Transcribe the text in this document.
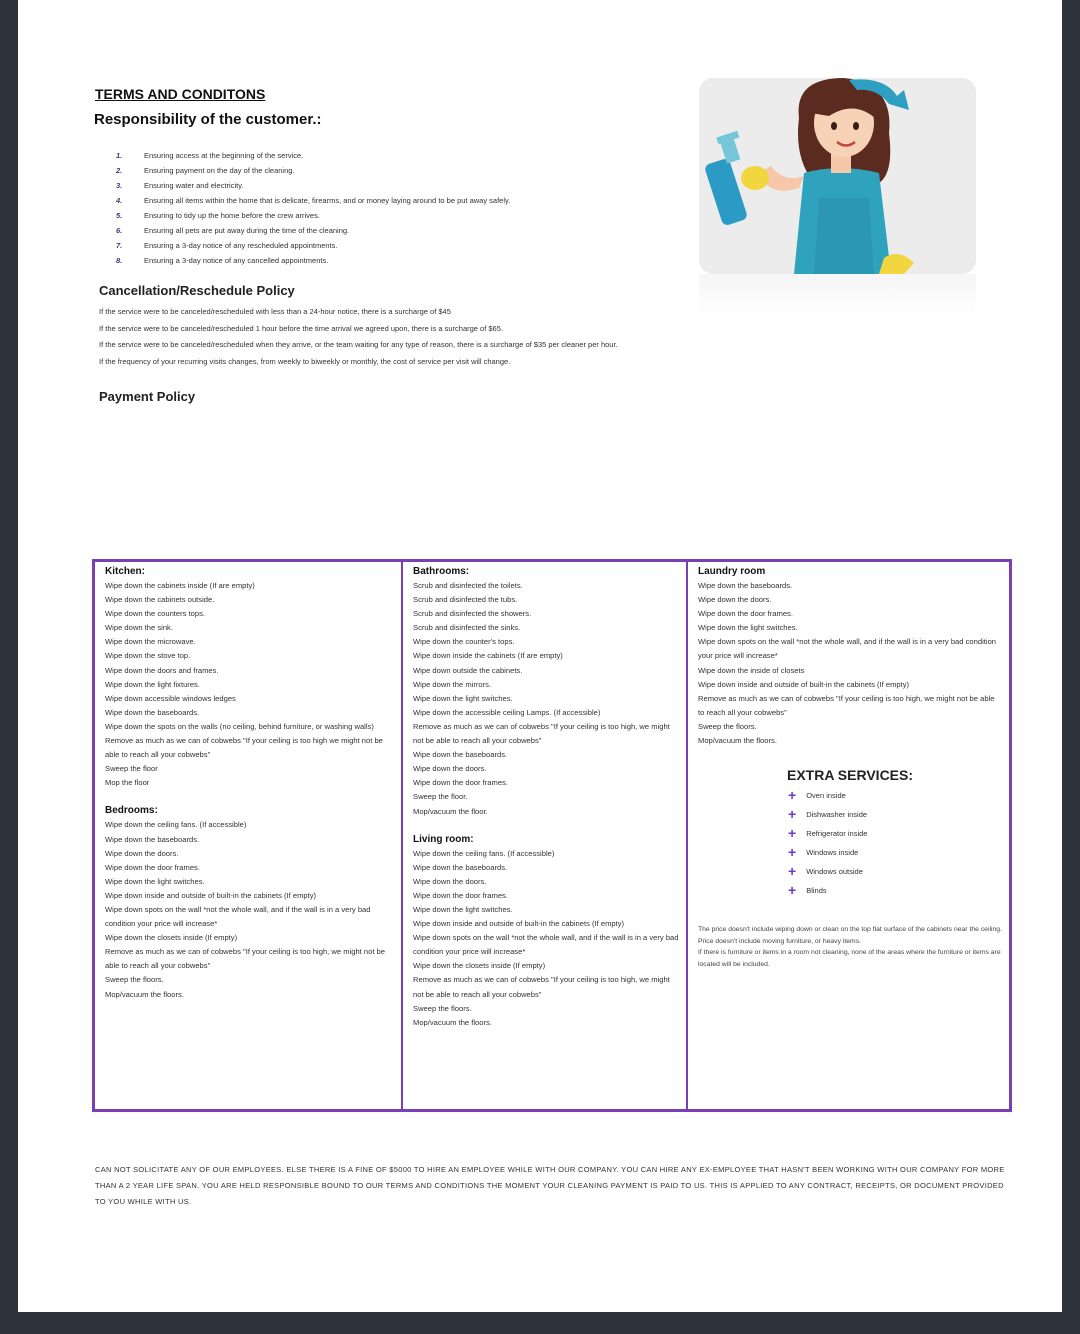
TERMS AND CONDITONS
Responsibility of the customer.:
1.	Ensuring access at the beginning of the service.
2.	Ensuring payment on the day of the cleaning.
3.	Ensuring water and electricity.
4.	Ensuring all items within the home that is delicate, firearms, and or money laying around to be put away safely.
5.	Ensuring to tidy up the home before the crew arrives.
6.	Ensuring all pets are put away during the time of the cleaning.
7.	Ensuring a 3-day notice of any rescheduled appointments.
8.	Ensuring a 3-day notice of any cancelled appointments.
Cancellation/Reschedule Policy

If the service were to be canceled/rescheduled with less than a 24-hour notice, there is a surcharge of $45

If the service were to be canceled/rescheduled 1 hour before the time arrival we agreed upon, there is a surcharge of $65.

If the service were to be canceled/rescheduled when they arrive, or the team waiting for any type of reason, there is a surcharge of $35 per cleaner per hour.

If the frequency of your recurring visits changes, from weekly to biweekly or monthly, the cost of service per visit will change.

Payment Policy
Kitchen:
Wipe down the cabinets inside (If are empty)
Wipe down the cabinets outside.
Wipe down the counters tops.
Wipe down the sink.
Wipe down the microwave.
Wipe down the stove top.
Wipe down the doors and frames.
Wipe down the light fixtures.
Wipe down accessible windows ledges
Wipe down the baseboards.
Wipe down the spots on the walls (no ceiling, behind furniture, or washing walls)
Remove as much as we can of cobwebs "If your ceiling is too high we might not be able to reach all your cobwebs"
Sweep the floor
Mop the floor
Bedrooms:
Wipe down the ceiling fans. (If accessible)
Wipe down the baseboards.
Wipe down the doors.
Wipe down the door frames.
Wipe down the light switches.
Wipe down inside and outside of built-in the cabinets (If empty)
Wipe down spots on the wall *not the whole wall, and if the wall is in a very bad condition your price will increase*
Wipe down the closets inside (If empty)
Remove as much as we can of cobwebs "If your ceiling is too high, we might not be able to reach all your cobwebs"
Sweep the floors.
Mop/vacuum the floors.
Bathrooms:
Scrub and disinfected the toilets.
Scrub and disinfected the tubs.
Scrub and disinfected the showers.
Scrub and disinfected the sinks.
Wipe down the counter's tops.
Wipe down inside the cabinets (If are empty)
Wipe down outside the cabinets.
Wipe down the mirrors.
Wipe down the light switches.
Wipe down the accessible ceiling Lamps. (If accessible)
Remove as much as we can of cobwebs "If your ceiling is too high, we might not be able to reach all your cobwebs"
Wipe down the baseboards.
Wipe down the doors.
Wipe down the door frames.
Sweep the floor.
Mop/vacuum the floor.
Living room:
Wipe down the ceiling fans. (If accessible)
Wipe down the baseboards.
Wipe down the doors.
Wipe down the door frames.
Wipe down the light switches.
Wipe down inside and outside of built-in the cabinets (If empty)
Wipe down spots on the wall *not the whole wall, and if the wall is in a very bad condition your price will increase*
Wipe down the closets inside (If empty)
Remove as much as we can of cobwebs "If your ceiling is too high, we might not be able to reach all your cobwebs"
Sweep the floors.
Mop/vacuum the floors.
Laundry room
Wipe down the baseboards.
Wipe down the doors.
Wipe down the door frames.
Wipe down the light switches.
Wipe down spots on the wall *not the whole wall, and if the wall is in a very bad condition your price will increase*
Wipe down the inside of closets
Wipe down inside and outside of built-in the cabinets (If empty)
Remove as much as we can of cobwebs "If your ceiling is too high, we might not be able to reach all your cobwebs"
Sweep the floors.
Mop/vacuum the floors.
EXTRA SERVICES:
+ Oven inside
+ Dishwasher inside
+ Refrigerator inside
+ Windows inside
+ Windows outside
+ Blinds
The price doesn't include wiping down or clean on the top flat surface of the cabinets near the ceiling.
Price doesn't include moving furniture, or heavy items.
If there is furniture or items in a room not cleaning, none of the areas where the furniture or items are located will be included.
CAN NOT SOLICITATE ANY OF OUR EMPLOYEES. ELSE THERE IS A FINE OF $5000 TO HIRE AN EMPLOYEE WHILE WITH OUR COMPANY. YOU CAN HIRE ANY EX-EMPLOYEE THAT HASN'T BEEN WORKING WITH OUR COMPANY FOR MORE THAN A 2 YEAR LIFE SPAN. YOU ARE HELD RESPONSIBLE BOUND TO OUR TERMS AND CONDITIONS THE MOMENT YOUR CLEANING PAYMENT IS PAID TO US. THIS IS APPLIED TO ANY CONTRACT, RECEIPTS, OR DOCUMENT PROVIDED TO YOU WHILE WITH US.
